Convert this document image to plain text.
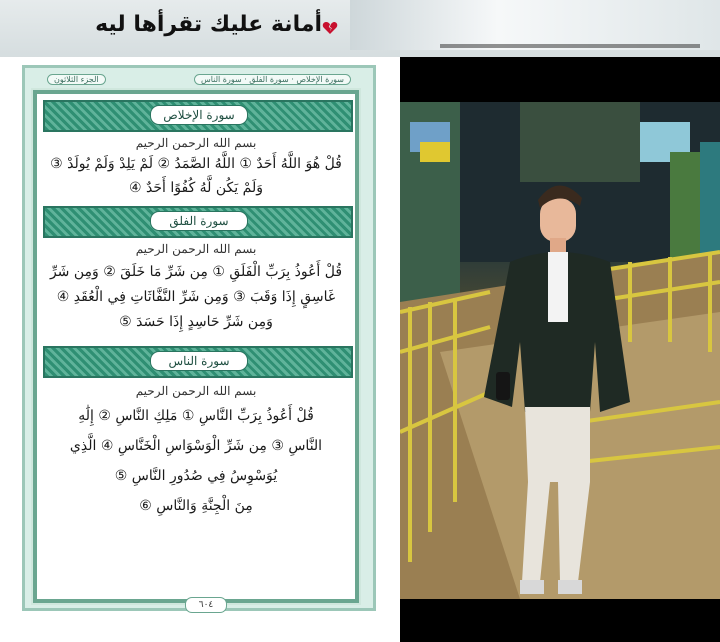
أمانة عليك تقرأها ليه
سورة الإخلاص · سورة الفلق · سورة الناس
الجزء الثلاثون
سورة الإخلاص
بسم الله الرحمن الرحيم
قُلْ هُوَ اللَّهُ أَحَدٌ ① اللَّهُ الصَّمَدُ ② لَمْ يَلِدْ وَلَمْ يُولَدْ ③
وَلَمْ يَكُن لَّهُ كُفُوًا أَحَدٌ ④
سورة الفلق
بسم الله الرحمن الرحيم
قُلْ أَعُوذُ بِرَبِّ الْفَلَقِ ① مِن شَرِّ مَا خَلَقَ ② وَمِن شَرِّ
غَاسِقٍ إِذَا وَقَبَ ③ وَمِن شَرِّ النَّفَّاثَاتِ فِي الْعُقَدِ ④
وَمِن شَرِّ حَاسِدٍ إِذَا حَسَدَ ⑤
سورة الناس
بسم الله الرحمن الرحيم
قُلْ أَعُوذُ بِرَبِّ النَّاسِ ① مَلِكِ النَّاسِ ② إِلَٰهِ
النَّاسِ ③ مِن شَرِّ الْوَسْوَاسِ الْخَنَّاسِ ④ الَّذِي
يُوَسْوِسُ فِي صُدُورِ النَّاسِ ⑤
مِنَ الْجِنَّةِ وَالنَّاسِ ⑥
٦٠٤
